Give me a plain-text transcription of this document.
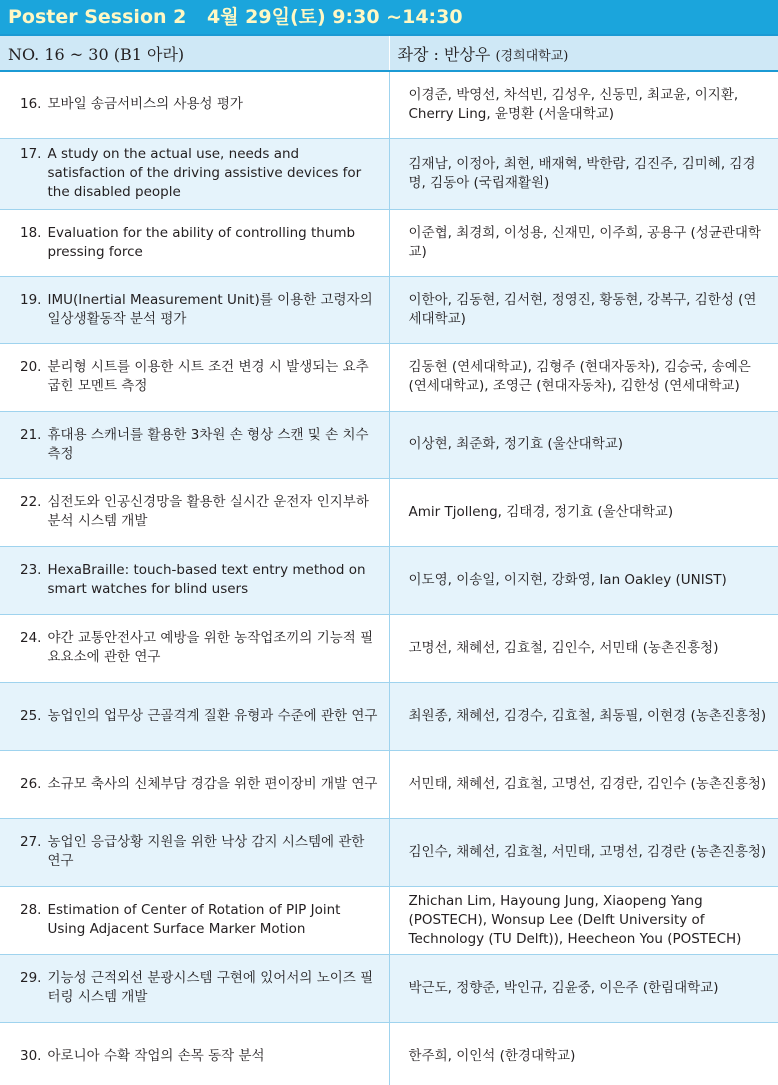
Poster Session 2 4월 29일(토) 9:30 ~14:30
NO. 16 ~ 30 (B1 아라)	좌장 : 반상우 (경희대학교)

16. 모바일 송금서비스의 사용성 평가	이경준, 박영선, 차석빈, 김성우, 신동민, 최교윤, 이지환, Cherry Ling, 윤명환 (서울대학교)

17. A study on the actual use, needs and satisfaction of the driving assistive devices for the disabled people	김재남, 이정아, 최현, 배재혁, 박한람, 김진주, 김미혜, 김경명, 김동아 (국립재활원)

18. Evaluation for the ability of controlling thumb pressing force	이준협, 최경희, 이성용, 신재민, 이주희, 공용구 (성균관대학교)

19. IMU(Inertial Measurement Unit)를 이용한 고령자의 일상생활동작 분석 평가	이한아, 김동현, 김서현, 정영진, 황동현, 강복구, 김한성 (연세대학교)

20. 분리형 시트를 이용한 시트 조건 변경 시 발생되는 요추 굽힌 모멘트 측정	김동현 (연세대학교), 김형주 (현대자동차), 김승국, 송예은 (연세대학교), 조영근 (현대자동차), 김한성 (연세대학교)

21. 휴대용 스캐너를 활용한 3차원 손 형상 스캔 및 손 치수 측정	이상현, 최준화, 정기효 (울산대학교)

22. 심전도와 인공신경망을 활용한 실시간 운전자 인지부하 분석 시스템 개발	Amir Tjolleng, 김태경, 정기효 (울산대학교)

23. HexaBraille: touch-based text entry method on smart watches for blind users	이도영, 이송일, 이지현, 강화영, Ian Oakley (UNIST)

24. 야간 교통안전사고 예방을 위한 농작업조끼의 기능적 필요요소에 관한 연구	고명선, 채혜선, 김효철, 김인수, 서민태 (농촌진흥청)

25. 농업인의 업무상 근골격계 질환 유형과 수준에 관한 연구	최원종, 채혜선, 김경수, 김효철, 최동필, 이현경 (농촌진흥청)

26. 소규모 축사의 신체부담 경감을 위한 편이장비 개발 연구	서민태, 채혜선, 김효철, 고명선, 김경란, 김인수 (농촌진흥청)

27. 농업인 응급상황 지원을 위한 낙상 감지 시스템에 관한 연구	김인수, 채혜선, 김효철, 서민태, 고명선, 김경란 (농촌진흥청)

28. Estimation of Center of Rotation of PIP Joint Using Adjacent Surface Marker Motion	Zhichan Lim, Hayoung Jung, Xiaopeng Yang (POSTECH), Wonsup Lee (Delft University of Technology (TU Delft)), Heecheon You (POSTECH)

29. 기능성 근적외선 분광시스템 구현에 있어서의 노이즈 필터링 시스템 개발	박근도, 정향준, 박인규, 김윤중, 이은주 (한림대학교)

30. 아로니아 수확 작업의 손목 동작 분석	한주희, 이인석 (한경대학교)
